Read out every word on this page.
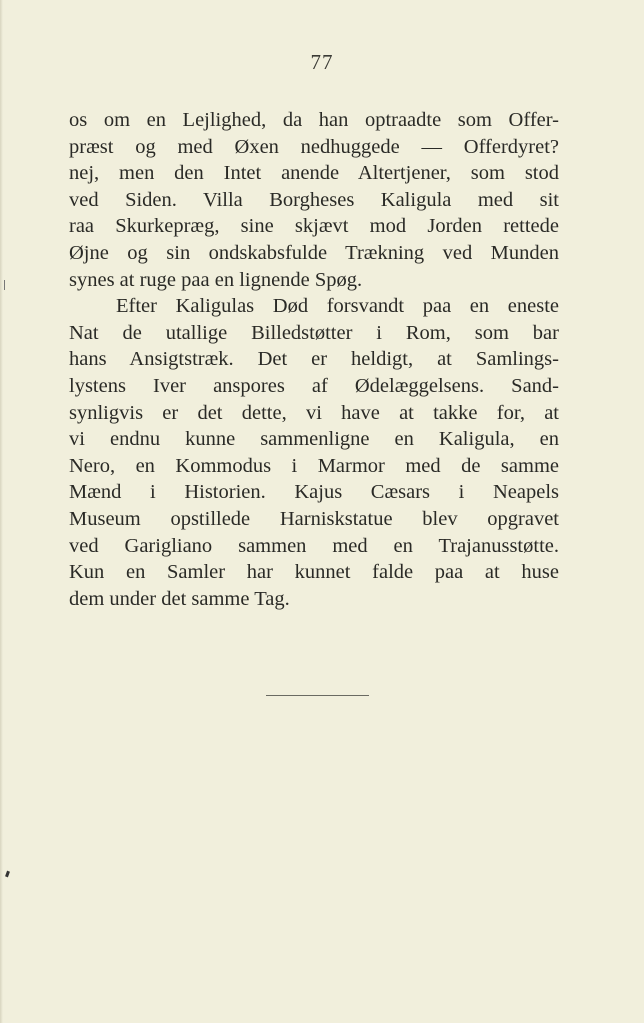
77
os om en Lejlighed, da han optraadte som Offer-
præst og med Øxen nedhuggede — Offerdyret?
nej, men den Intet anende Altertjener, som stod
ved Siden. Villa Borgheses Kaligula med sit
raa Skurkepræg, sine skjævt mod Jorden rettede
Øjne og sin ondskabsfulde Trækning ved Munden
synes at ruge paa en lignende Spøg.
Efter Kaligulas Død forsvandt paa en eneste
Nat de utallige Billedstøtter i Rom, som bar
hans Ansigtstræk. Det er heldigt, at Samlings-
lystens Iver anspores af Ødelæggelsens. Sand-
synligvis er det dette, vi have at takke for, at
vi endnu kunne sammenligne en Kaligula, en
Nero, en Kommodus i Marmor med de samme
Mænd i Historien. Kajus Cæsars i Neapels
Museum opstillede Harniskstatue blev opgravet
ved Garigliano sammen med en Trajanusstøtte.
Kun en Samler har kunnet falde paa at huse
dem under det samme Tag.
